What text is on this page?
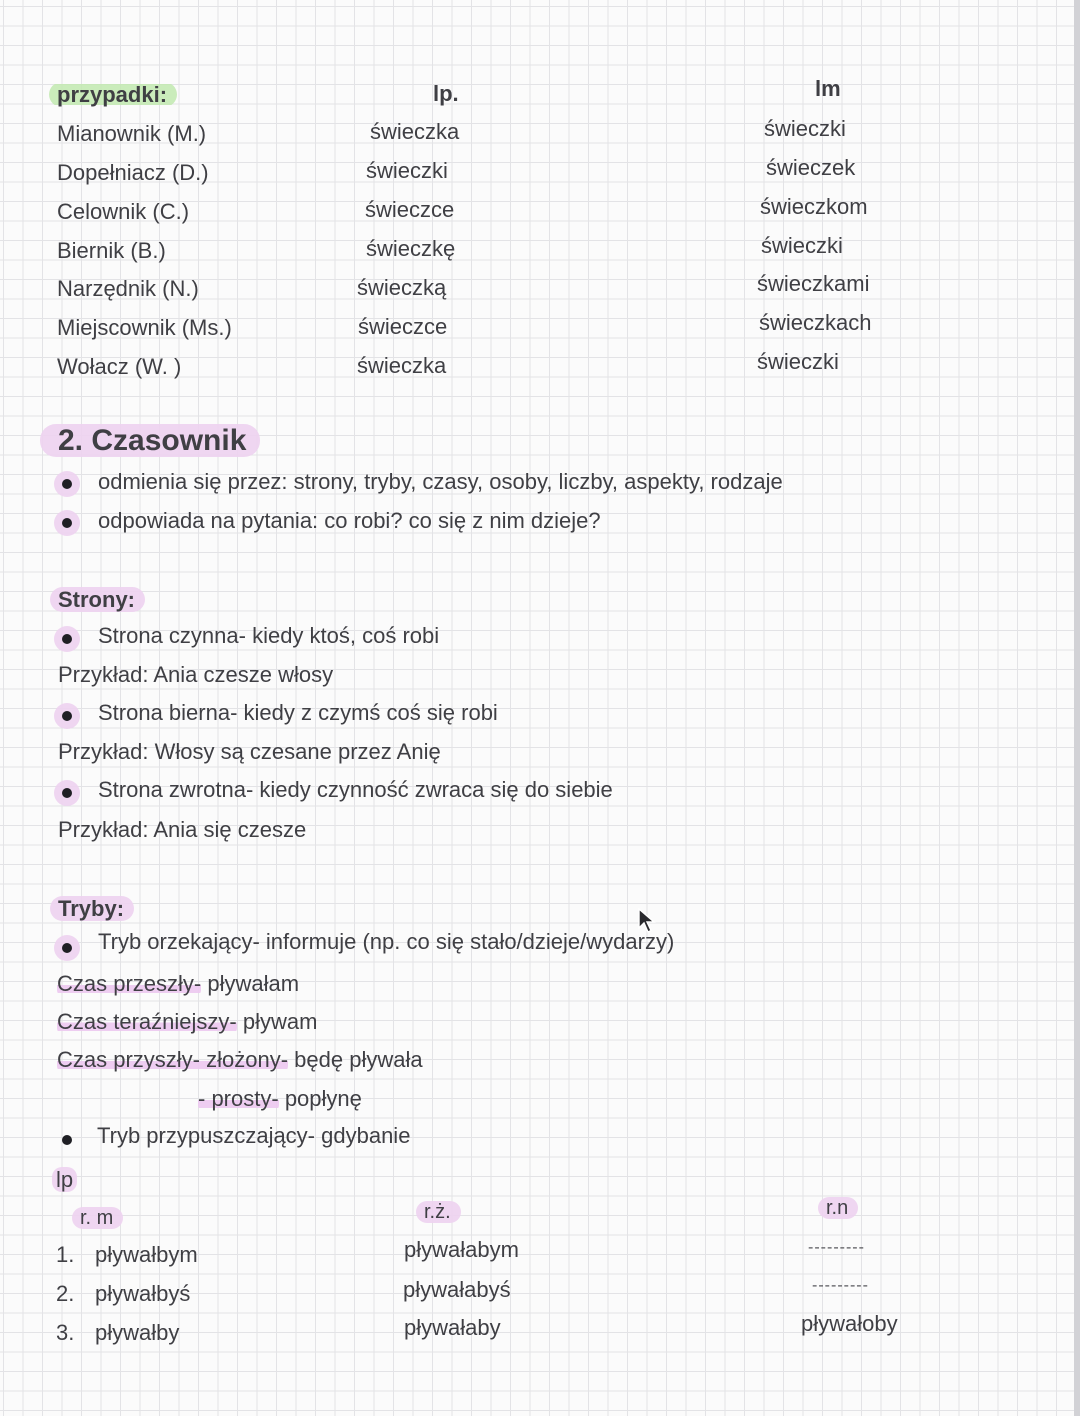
przypadki:	lp.	lm
Mianownik (M.)	świeczka	świeczki
Dopełniacz (D.)	świeczki	świeczek
Celownik (C.)	świeczce	świeczkom
Biernik (B.)	świeczkę	świeczki
Narzędnik (N.)	świeczką	świeczkami
Miejscownik (Ms.)	świeczce	świeczkach
Wołacz (W. )	świeczka	świeczki
2. Czasownik
odmienia się przez: strony, tryby, czasy, osoby, liczby, aspekty, rodzaje
odpowiada na pytania: co robi? co się z nim dzieje?
Strony:
Strona czynna- kiedy ktoś, coś robi
Przykład: Ania czesze włosy
Strona bierna- kiedy z czymś coś się robi
Przykład: Włosy są czesane przez Anię
Strona zwrotna- kiedy czynność zwraca się do siebie
Przykład: Ania się czesze
Tryby:
Tryb orzekający- informuje (np. co się stało/dzieje/wydarzy)
Czas przeszły- pływałam
Czas teraźniejszy- pływam
Czas przyszły- złożony- będę pływała
- prosty- popłynę
Tryb przypuszczający- gdybanie
lp
r. m	r.ż.	r.n
1. pływałbym	pływałabym	---------
2. pływałbyś	pływałabyś	---------
3. pływałby	pływałaby	pływałoby
